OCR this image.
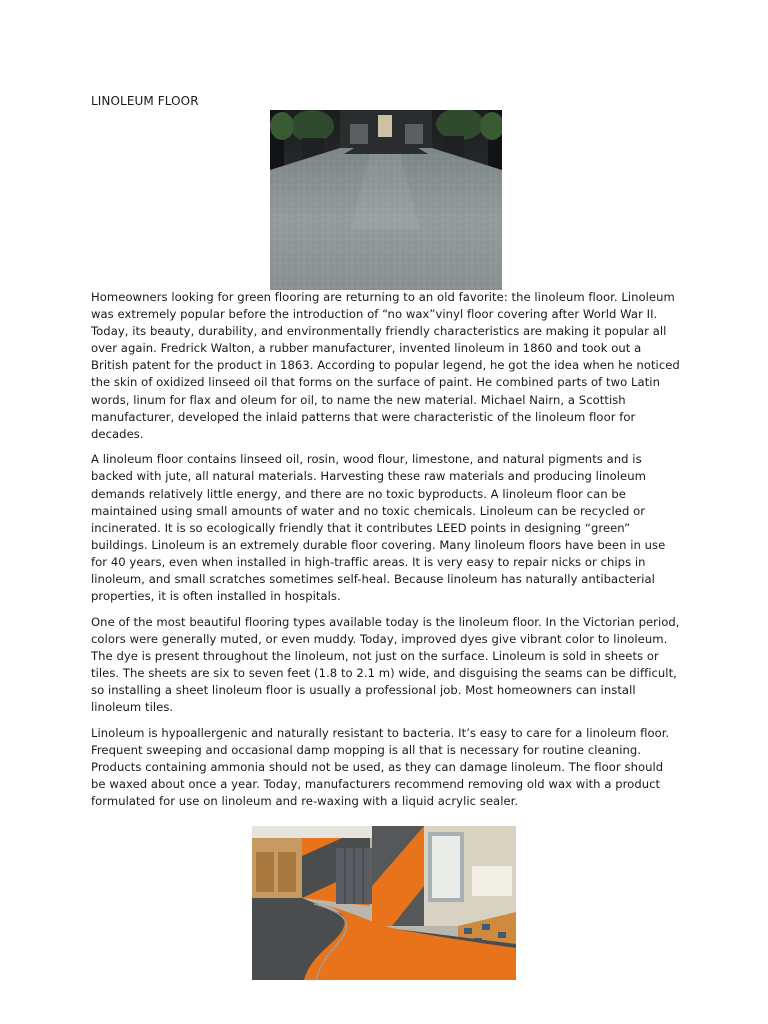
LINOLEUM FLOOR

Homeowners looking for green flooring are returning to an old favorite: the linoleum floor. Linoleum was extremely popular before the introduction of “no wax”vinyl floor covering after World War II. Today, its beauty, durability, and environmentally friendly characteristics are making it popular all over again. Fredrick Walton, a rubber manufacturer, invented linoleum in 1860 and took out a British patent for the product in 1863. According to popular legend, he got the idea when he noticed the skin of oxidized linseed oil that forms on the surface of paint. He combined parts of two Latin words, linum for flax and oleum for oil, to name the new material. Michael Nairn, a Scottish manufacturer, developed the inlaid patterns that were characteristic of the linoleum floor for decades.

A linoleum floor contains linseed oil, rosin, wood flour, limestone, and natural pigments and is backed with jute, all natural materials. Harvesting these raw materials and producing linoleum demands relatively little energy, and there are no toxic byproducts. A linoleum floor can be maintained using small amounts of water and no toxic chemicals. Linoleum can be recycled or incinerated. It is so ecologically friendly that it contributes LEED points in designing “green” buildings. Linoleum is an extremely durable floor covering. Many linoleum floors have been in use for 40 years, even when installed in high-traffic areas. It is very easy to repair nicks or chips in linoleum, and small scratches sometimes self-heal. Because linoleum has naturally antibacterial properties, it is often installed in hospitals.

One of the most beautiful flooring types available today is the linoleum floor. In the Victorian period, colors were generally muted, or even muddy. Today, improved dyes give vibrant color to linoleum. The dye is present throughout the linoleum, not just on the surface. Linoleum is sold in sheets or tiles. The sheets are six to seven feet (1.8 to 2.1 m) wide, and disguising the seams can be difficult, so installing a sheet linoleum floor is usually a professional job. Most homeowners can install linoleum tiles.

Linoleum is hypoallergenic and naturally resistant to bacteria. It’s easy to care for a linoleum floor. Frequent sweeping and occasional damp mopping is all that is necessary for routine cleaning. Products containing ammonia should not be used, as they can damage linoleum. The floor should be waxed about once a year. Today, manufacturers recommend removing old wax with a product formulated for use on linoleum and re-waxing with a liquid acrylic sealer.
